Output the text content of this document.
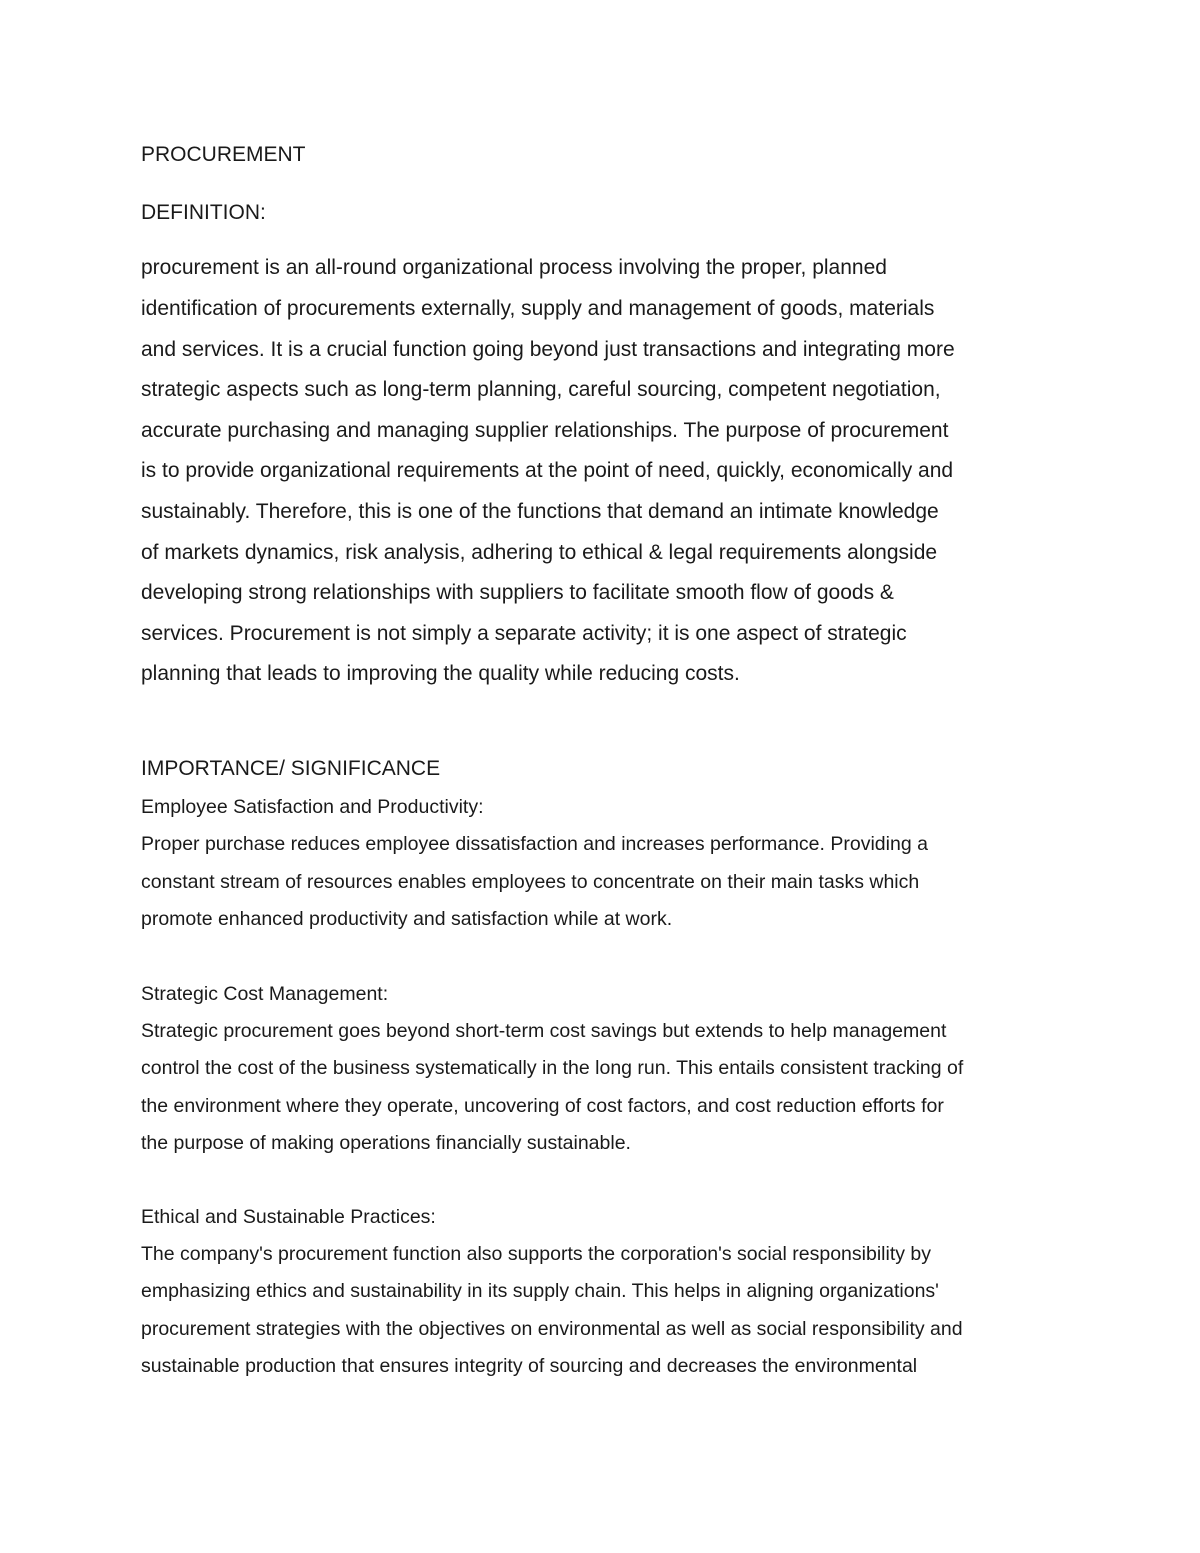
PROCUREMENT

DEFINITION:

procurement is an all-round organizational process involving the proper, planned

identification of procurements externally, supply and management of goods, materials

and services. It is a crucial function going beyond just transactions and integrating more

strategic aspects such as long-term planning, careful sourcing, competent negotiation,

accurate purchasing and managing supplier relationships. The purpose of procurement

is to provide organizational requirements at the point of need, quickly, economically and

sustainably. Therefore, this is one of the functions that demand an intimate knowledge

of markets dynamics, risk analysis, adhering to ethical & legal requirements alongside

developing strong relationships with suppliers to facilitate smooth flow of goods &

services. Procurement is not simply a separate activity; it is one aspect of strategic

planning that leads to improving the quality while reducing costs.

IMPORTANCE/ SIGNIFICANCE

Employee Satisfaction and Productivity:

Proper purchase reduces employee dissatisfaction and increases performance. Providing a

constant stream of resources enables employees to concentrate on their main tasks which

promote enhanced productivity and satisfaction while at work.

Strategic Cost Management:

Strategic procurement goes beyond short-term cost savings but extends to help management

control the cost of the business systematically in the long run. This entails consistent tracking of

the environment where they operate, uncovering of cost factors, and cost reduction efforts for

the purpose of making operations financially sustainable.

Ethical and Sustainable Practices:

The company's procurement function also supports the corporation's social responsibility by

emphasizing ethics and sustainability in its supply chain. This helps in aligning organizations'

procurement strategies with the objectives on environmental as well as social responsibility and

sustainable production that ensures integrity of sourcing and decreases the environmental
